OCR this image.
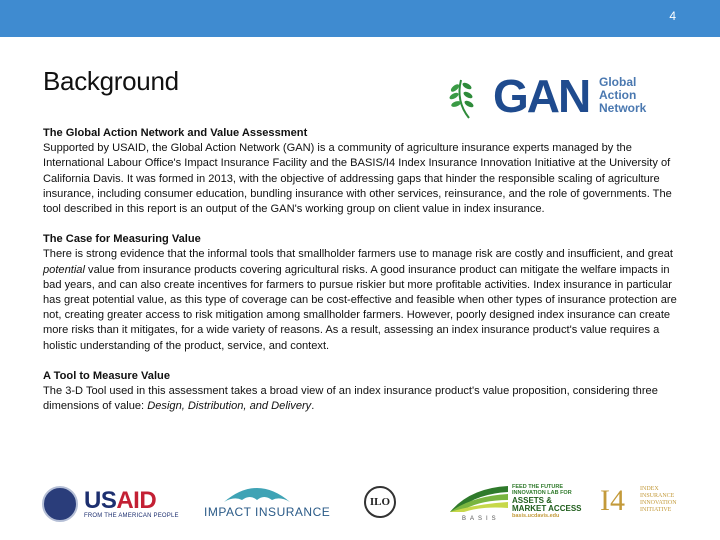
4
Background	GAN Global
Action
Network
The Global Action Network and Value Assessment

Supported by USAID, the Global Action Network (GAN) is a community of agriculture insurance experts managed by the International Labour Office's Impact Insurance Facility and the BASIS/I4 Index Insurance Innovation Initiative at the University of California Davis. It was formed in 2013, with the objective of addressing gaps that hinder the responsible scaling of agriculture insurance, including consumer education, bundling insurance with other services, reinsurance, and the role of governments. The tool described in this report is an output of the GAN's working group on client value in index insurance.

The Case for Measuring Value

There is strong evidence that the informal tools that smallholder farmers use to manage risk are costly and insufficient, and great potential value from insurance products covering agricultural risks. A good insurance product can mitigate the welfare impacts in bad years, and can also create incentives for farmers to pursue riskier but more profitable activities. Index insurance in particular has great potential value, as this type of coverage can be cost-effective and feasible when other types of insurance protection are not, creating greater access to risk mitigation among smallholder farmers. However, poorly designed index insurance can create more risks than it mitigates, for a wide variety of reasons. As a result, assessing an index insurance product's value requires a holistic understanding of the product, service, and context.

A Tool to Measure Value

The 3-D Tool used in this assessment takes a broad view of an index insurance product's value proposition, considering three dimensions of value: Design, Distribution, and Delivery.

USAID
FROM THE AMERICAN PEOPLE IMPACT INSURANCE
ILO
FEED THE FUTURE
INNOVATION LAB FOR
ASSETS &
MARKET ACCESS
basis.ucdavis.edu
BASIS
I4	INDEX
INSURANCE
INNOVATION
INITIATIVE
